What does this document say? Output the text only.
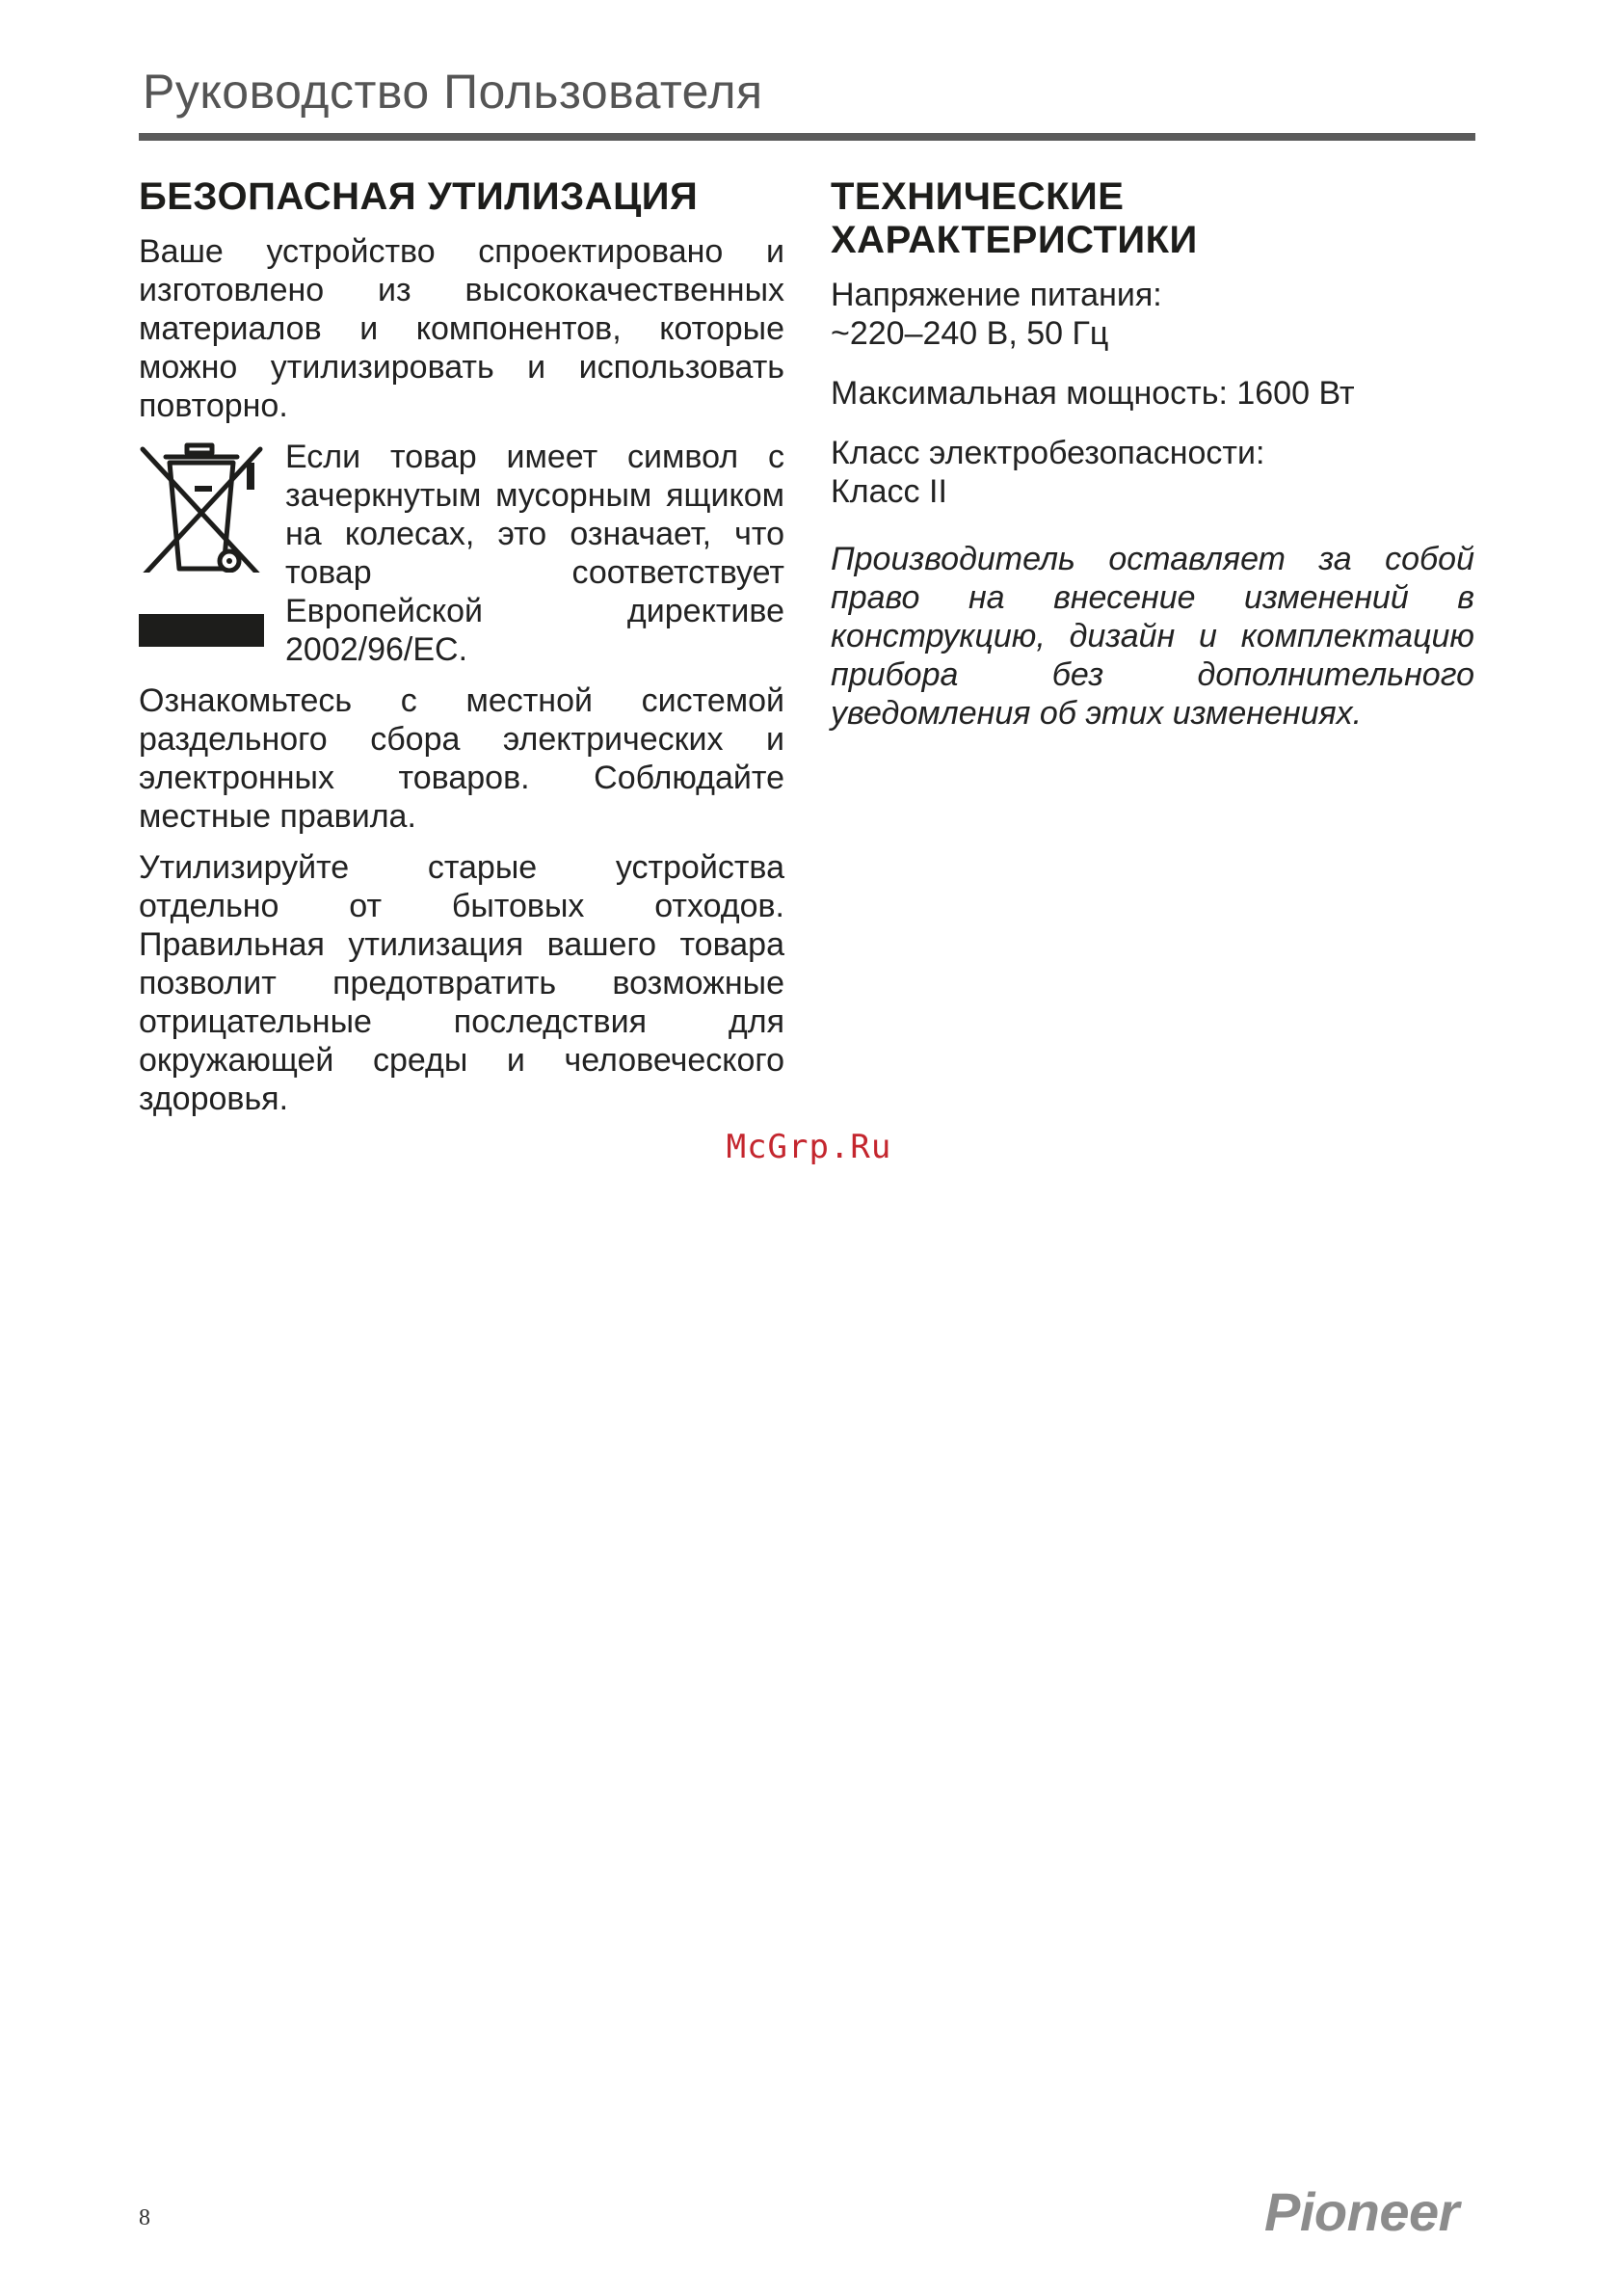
Руководство Пользователя
БЕЗОПАСНАЯ УТИЛИЗАЦИЯ

Ваше устройство спроектировано и изготовлено из высококачественных материалов и компонентов, которые можно утилизировать и использовать повторно.

Если товар имеет символ с зачеркнутым мусорным ящиком на колесах, это означает, что товар соответствует Европейской директиве 2002/96/EC.

Ознакомьтесь с местной системой раздельного сбора электрических и электронных товаров. Соблюдайте местные правила.

Утилизируйте старые устройства отдельно от бытовых отходов. Правильная утилизация вашего товара позволит предотвратить возможные отрицательные последствия для окружающей среды и человеческого здоровья.

ТЕХНИЧЕСКИЕ
ХАРАКТЕРИСТИКИ
Напряжение питания:
~220–240 В, 50 Гц
Максимальная мощность: 1600 Вт
Класс электробезопасности:
Класс II

Производитель оставляет за собой право на внесение изменений в конструкцию, дизайн и комплектацию прибора без дополнительного уведомления об этих изменениях.

McGrp.Ru
8	Pioneer
